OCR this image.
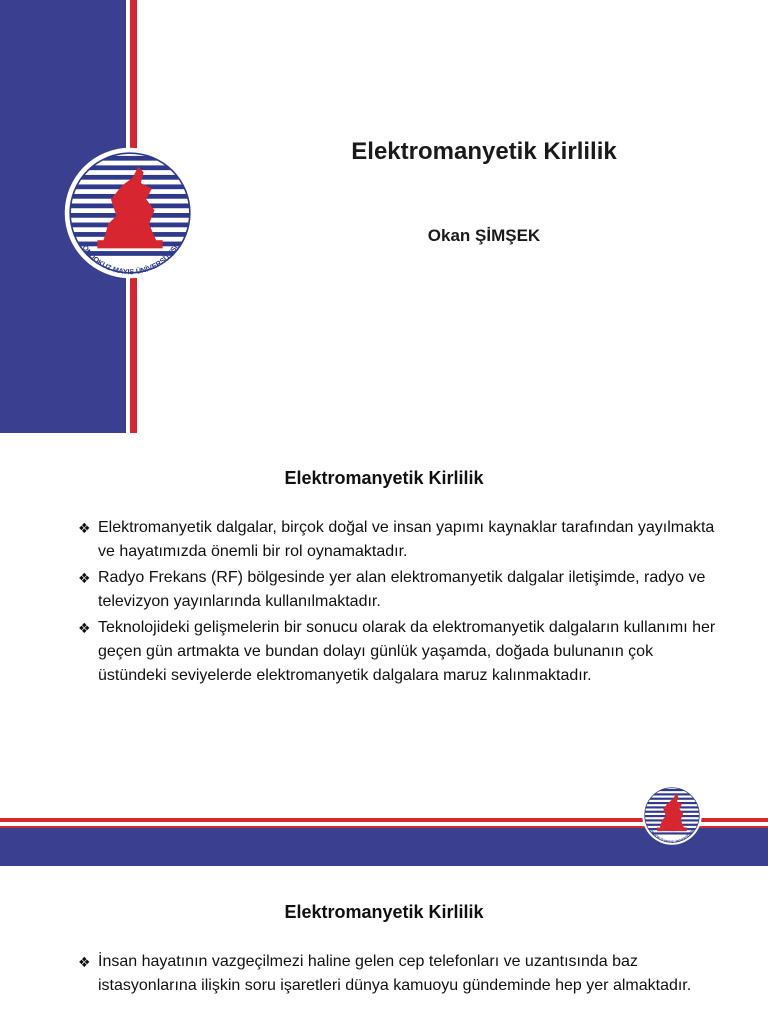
ONDOKUZ MAYIS ÜNİVERSİTESİ
Elektromanyetik Kirlilik
Okan ŞİMŞEK
Elektromanyetik Kirlilik
❖ Elektromanyetik dalgalar, birçok doğal ve insan yapımı kaynaklar tarafından yayılmakta ve hayatımızda önemli bir rol oynamaktadır.
❖ Radyo Frekans (RF) bölgesinde yer alan elektromanyetik dalgalar iletişimde, radyo ve televizyon yayınlarında kullanılmaktadır.
❖ Teknolojideki gelişmelerin bir sonucu olarak da elektromanyetik dalgaların kullanımı her geçen gün artmakta ve bundan dolayı günlük yaşamda, doğada bulunanın çok üstündeki seviyelerde elektromanyetik dalgalara maruz kalınmaktadır.
ONDOKUZ MAYIS ÜNİVERSİTESİ
Elektromanyetik Kirlilik
❖ İnsan hayatının vazgeçilmezi haline gelen cep telefonları ve uzantısında baz istasyonlarına ilişkin soru işaretleri dünya kamuoyu gündeminde hep yer almaktadır.
